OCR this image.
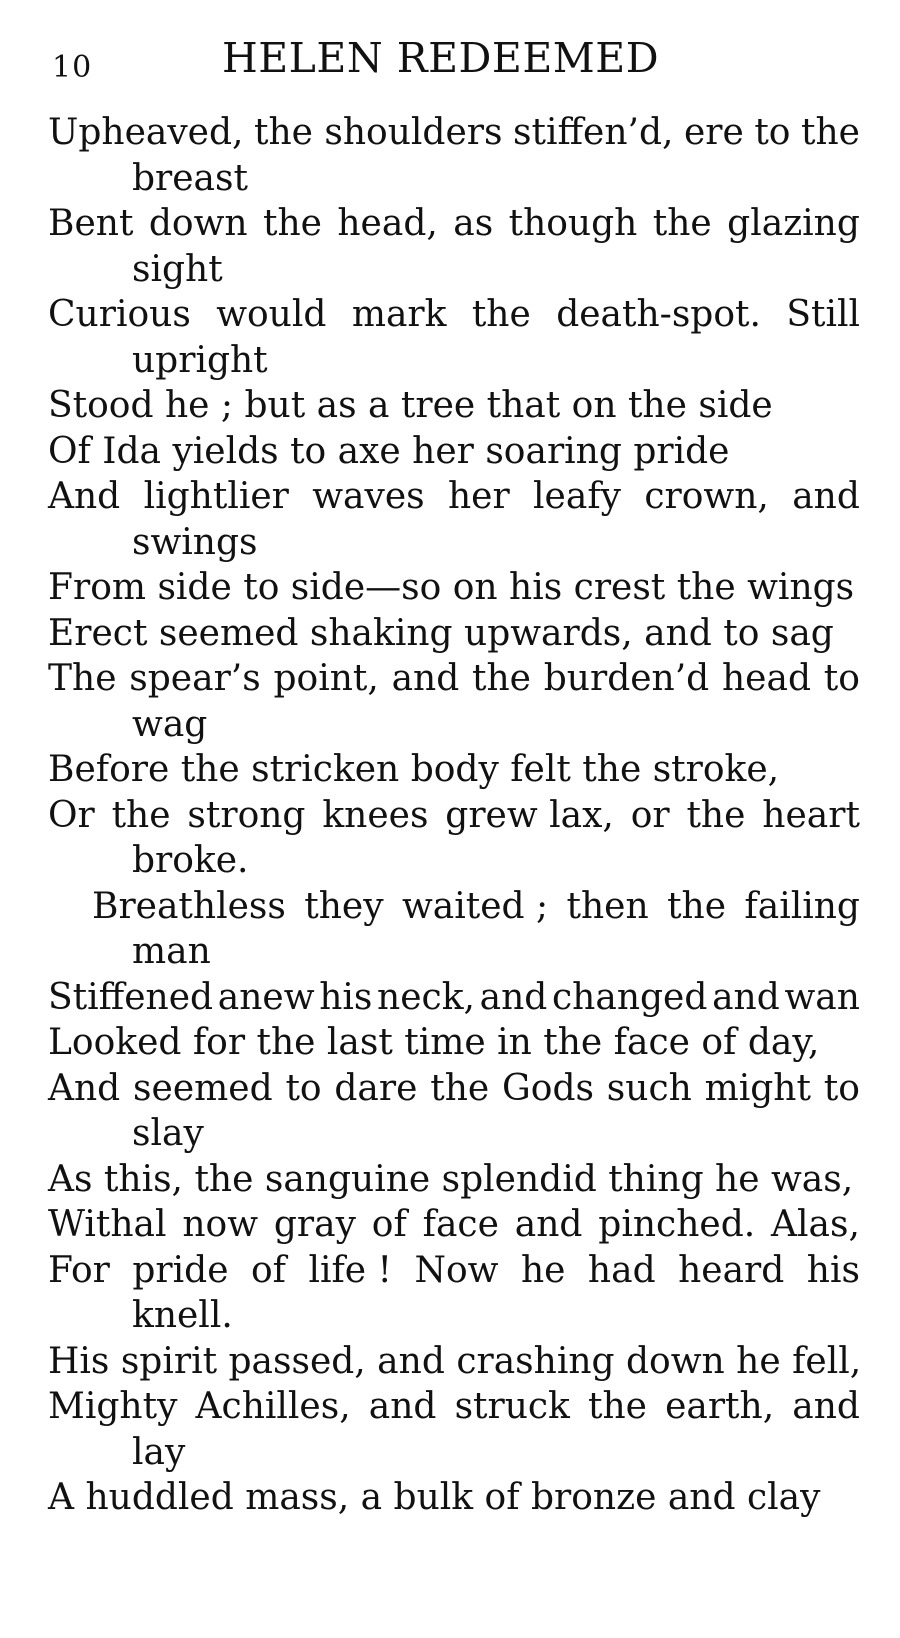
10	HELEN REDEEMED
Upheaved, the shoulders stiffen’d, ere to the
breast
Bent down the head, as though the glazing
sight
Curious would mark the death-spot. Still
upright
Stood he ; but as a tree that on the side
Of Ida yields to axe her soaring pride
And lightlier waves her leafy crown, and
swings
From side to side—so on his crest the wings
Erect seemed shaking upwards, and to sag
The spear’s point, and the burden’d head to
wag
Before the stricken body felt the stroke,
Or the strong knees grew lax, or the heart
broke.
Breathless they waited ; then the failing
man
Stiffened anew his neck, and changed and wan
Looked for the last time in the face of day,
And seemed to dare the Gods such might to
slay
As this, the sanguine splendid thing he was,
Withal now gray of face and pinched. Alas,
For pride of life ! Now he had heard his
knell.
His spirit passed, and crashing down he fell,
Mighty Achilles, and struck the earth, and
lay
A huddled mass, a bulk of bronze and clay
